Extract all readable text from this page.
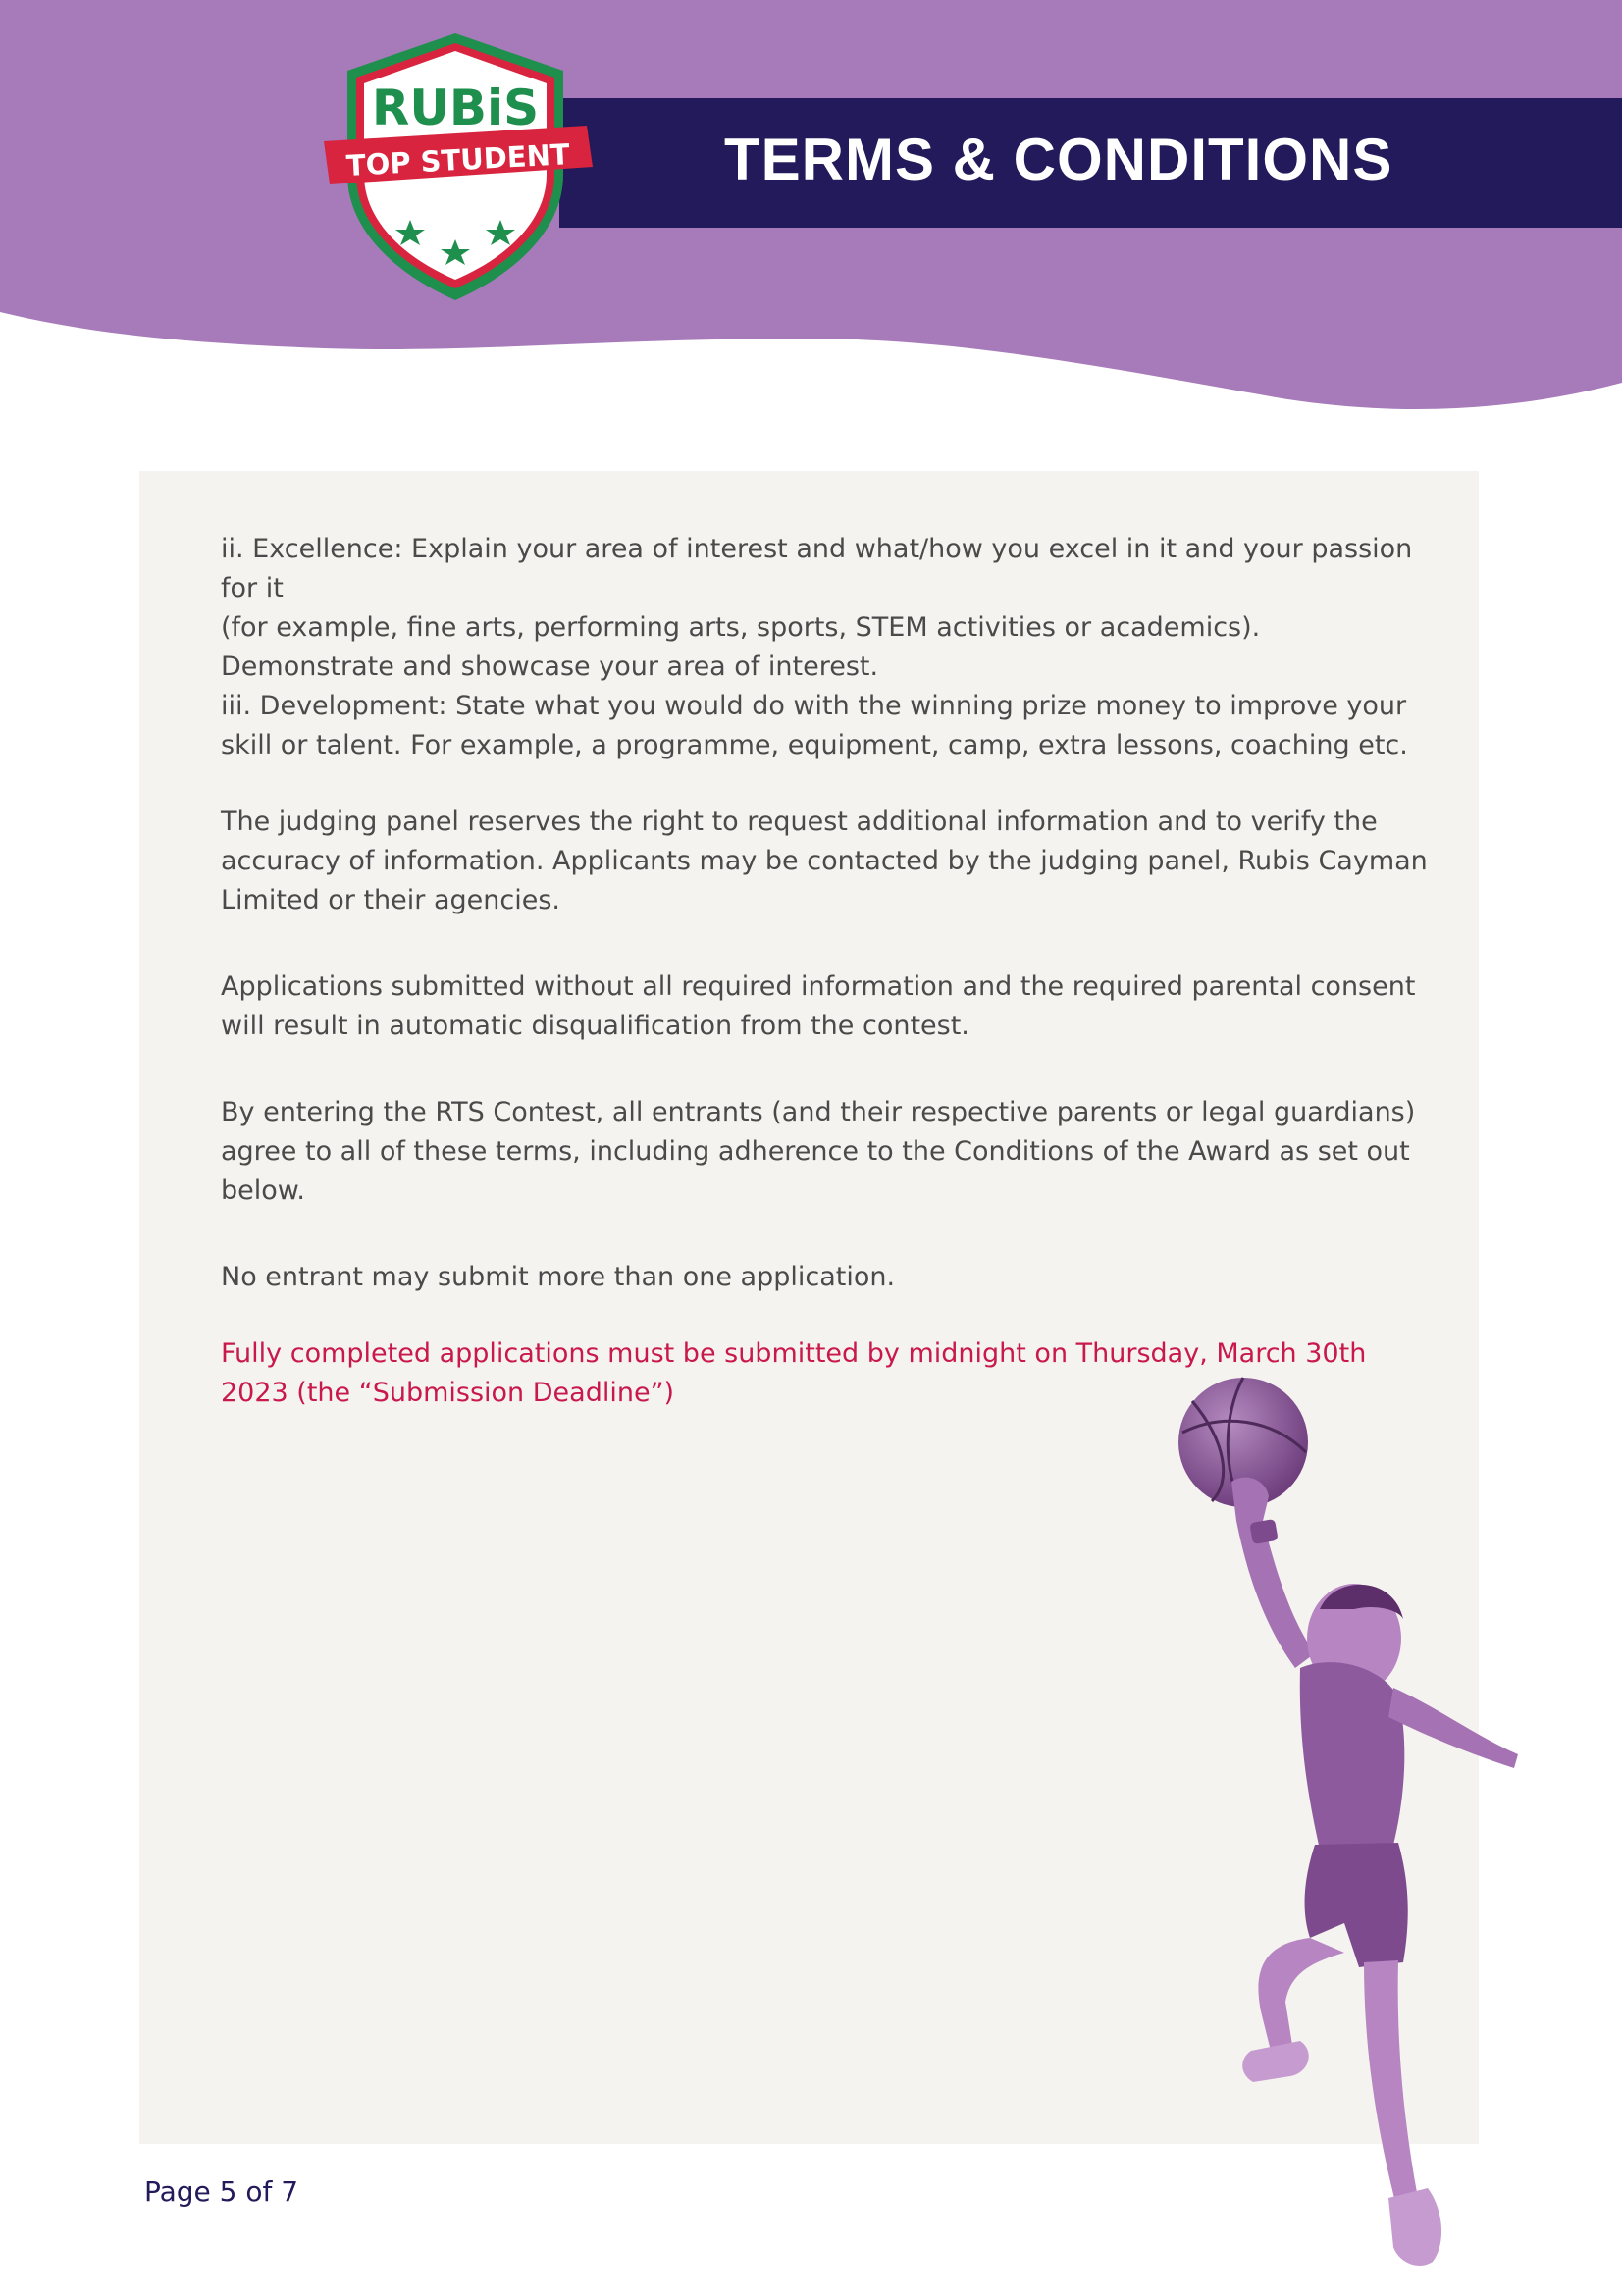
TERMS & CONDITIONS
RUBiS
TOP STUDENT

ii. Excellence: Explain your area of interest and what/how you excel in it and your passion
for it
(for example, fine arts, performing arts, sports, STEM activities or academics).
Demonstrate and showcase your area of interest.
iii. Development: State what you would do with the winning prize money to improve your
skill or talent. For example, a programme, equipment, camp, extra lessons, coaching etc.

The judging panel reserves the right to request additional information and to verify the accuracy of information. Applicants may be contacted by the judging panel, Rubis Cayman Limited or their agencies.

Applications submitted without all required information and the required parental consent will result in automatic disqualification from the contest.

By entering the RTS Contest, all entrants (and their respective parents or legal guardians) agree to all of these terms, including adherence to the Conditions of the Award as set out below.

No entrant may submit more than one application.

Fully completed applications must be submitted by midnight on Thursday, March 30th 2023 (the “Submission Deadline”)

Page 5 of 7
